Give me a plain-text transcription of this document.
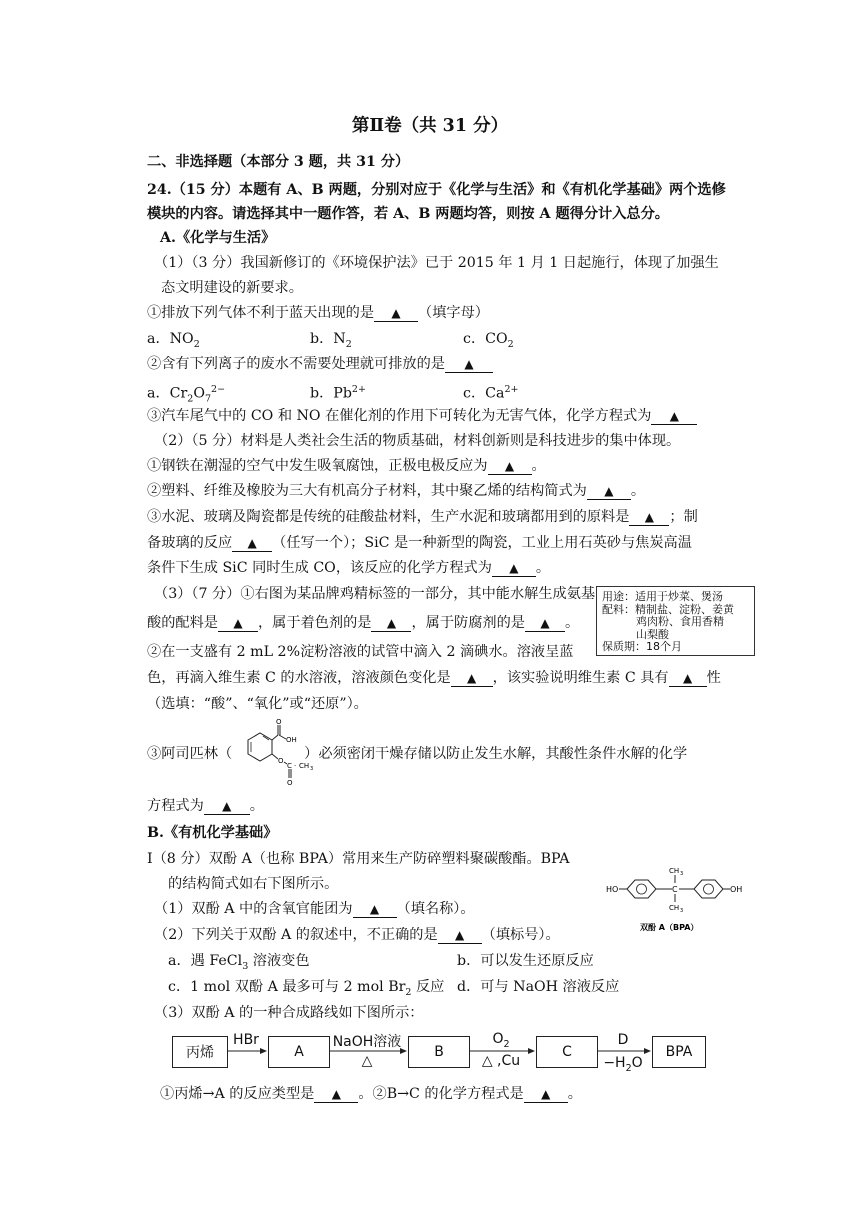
第Ⅱ卷（共 31 分）
二、非选择题（本部分 3 题，共 31 分）
24.（15 分）本题有 A、B 两题，分别对应于《化学与生活》和《有机化学基础》两个选修
模块的内容。请选择其中一题作答，若 A、B 两题均答，则按 A 题得分计入总分。
A.《化学与生活》
（1）（3 分）我国新修订的《环境保护法》已于 2015 年 1 月 1 日起施行，体现了加强生
态文明建设的新要求。
①排放下列气体不利于蓝天出现的是 ▲ （填字母）
a．$NO_2$	b．$N_2$	c．$CO_2$
②含有下列离子的废水不需要处理就可排放的是 ▲
a．$Cr_2O_7^{2-}$	b．$Pb^{2+}$	c．$Ca^{2+}$
③汽车尾气中的 CO 和 NO 在催化剂的作用下可转化为无害气体，化学方程式为 ▲
（2）（5 分）材料是人类社会生活的物质基础，材料创新则是科技进步的集中体现。
①钢铁在潮湿的空气中发生吸氧腐蚀，正极电极反应为 ▲ 。
②塑料、纤维及橡胶为三大有机高分子材料，其中聚乙烯的结构简式为 ▲ 。
③水泥、玻璃及陶瓷都是传统的硅酸盐材料，生产水泥和玻璃都用到的原料是 ▲ ；制
备玻璃的反应 ▲ （任写一个）；SiC 是一种新型的陶瓷，工业上用石英砂与焦炭高温
条件下生成 SiC 同时生成 CO，该反应的化学方程式为 ▲ 。
（3）（7 分）①右图为某品牌鸡精标签的一部分，其中能水解生成氨基
酸的配料是 ▲ ，属于着色剂的是 ▲ ，属于防腐剂的是 ▲ 。
用途：适用于炒菜、煲汤
配料：精制盐、淀粉、姜黄
鸡肉粉、食用香精
山梨酸
保质期：18个月
②在一支盛有 2 mL 2%淀粉溶液的试管中滴入 2 滴碘水。溶液呈蓝
色，再滴入维生素 C 的水溶液，溶液颜色变化是 ▲ ，该实验说明维生素 C 具有 ▲ 性
（选填：“酸”、“氧化”或“还原”）。
③阿司匹林（	）必须密闭干燥存储以防止发生水解，其酸性条件水解的化学
O
OH
O
C
O
· CH 3
方程式为 ▲ 。
B.《有机化学基础》
Ⅰ（8 分）双酚 A（也称 BPA）常用来生产防碎塑料聚碳酸酯。BPA
的结构简式如右下图所示。	HO	C
CH 3
CH 3
OH
双酚 A（BPA）
（1）双酚 A 中的含氧官能团为 ▲ （填名称）。
（2）下列关于双酚 A 的叙述中，不正确的是 ▲ （填标号）。
a．遇 FeCl$_3$ 溶液变色	b．可以发生还原反应
c．1 mol 双酚 A 最多可与 2 mol $Br_2$ 反应 d．可与 NaOH 溶液反应
（3）双酚 A 的一种合成路线如下图所示：
丙烯	A	B	C	BPA
HBr	NaOH溶液
△
$O_2$
△ ,Cu
D
$-H_2O$
①丙烯→A 的反应类型是 ▲ 。②B→C 的化学方程式是 ▲ 。
